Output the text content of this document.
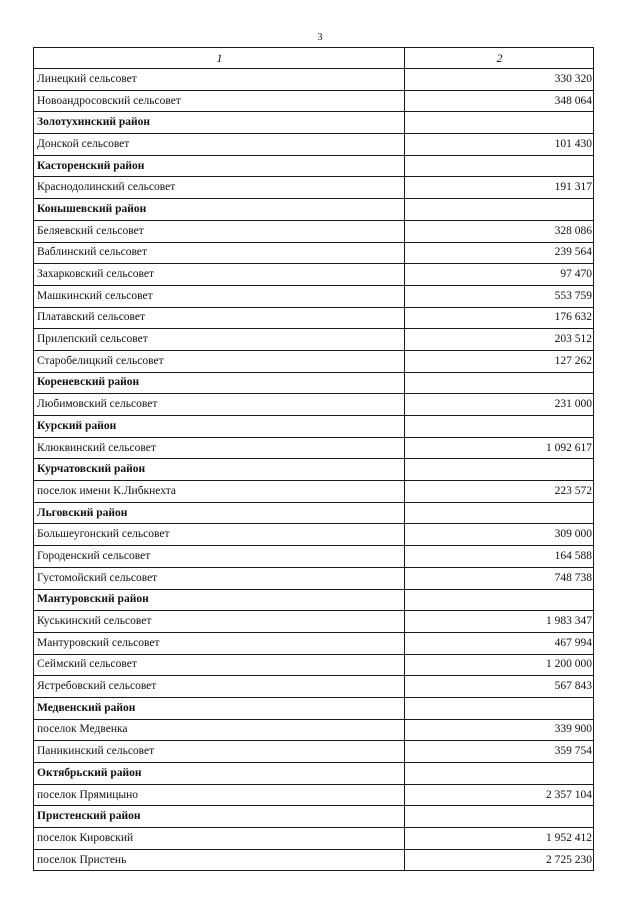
3
1	2
Линецкий сельсовет	330 320
Новоандросовский сельсовет	348 064
Золотухинский район	
Донской сельсовет	101 430
Касторенский район	
Краснодолинский сельсовет	191 317
Конышевский район	
Беляевский сельсовет	328 086
Ваблинский сельсовет	239 564
Захарковский сельсовет	97 470
Машкинский сельсовет	553 759
Платавский сельсовет	176 632
Прилепский сельсовет	203 512
Старобелицкий сельсовет	127 262
Кореневский район	
Любимовский сельсовет	231 000
Курский район	
Клюквинский сельсовет	1 092 617
Курчатовский район	
поселок имени К.Либкнехта	223 572
Льговский район	
Большеугонский сельсовет	309 000
Городенский сельсовет	164 588
Густомойский сельсовет	748 738
Мантуровский район	
Куськинский сельсовет	1 983 347
Мантуровский сельсовет	467 994
Сеймский сельсовет	1 200 000
Ястребовский сельсовет	567 843
Медвенский район	
поселок Медвенка	339 900
Паникинский сельсовет	359 754
Октябрьский район	
поселок Прямицыно	2 357 104
Пристенский район	
поселок Кировский	1 952 412
поселок Пристень	2 725 230
